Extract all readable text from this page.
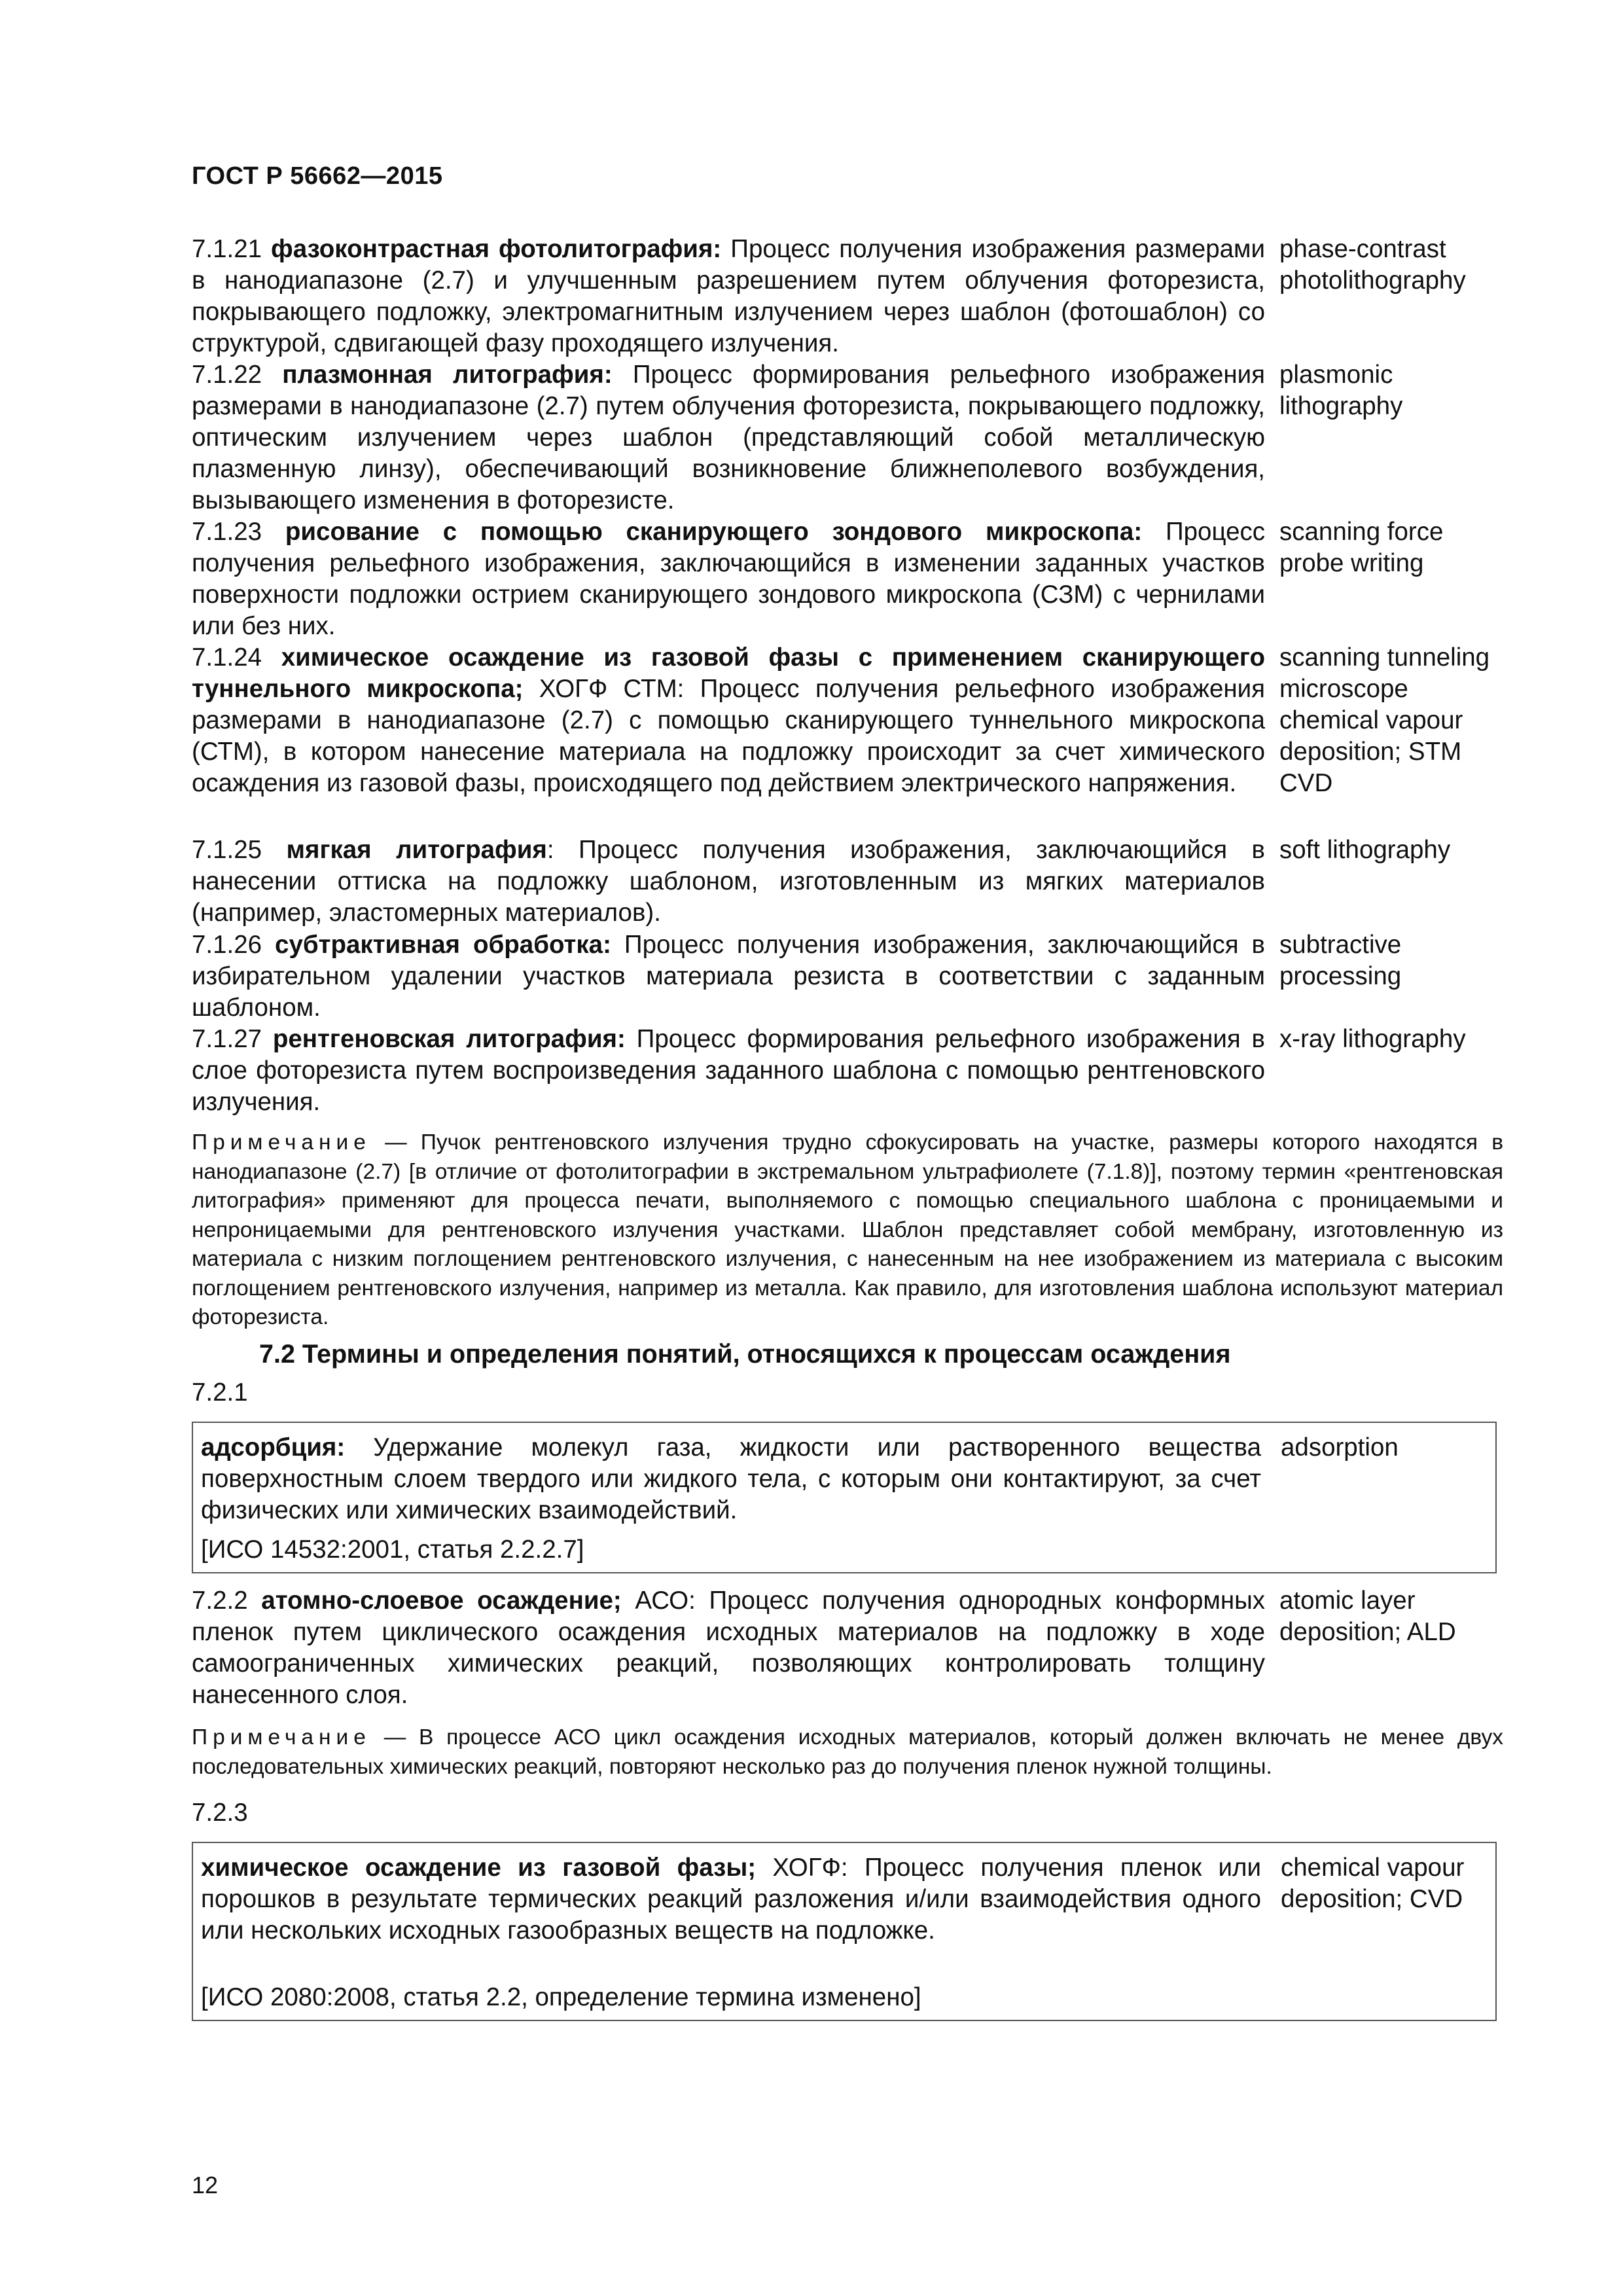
ГОСТ Р 56662—2015
7.1.21 фазоконтрастная фотолитография: Процесс получения изображения размерами в нанодиапазоне (2.7) и улучшенным разрешением путем облучения фоторезиста, покрывающего подложку, электромагнитным излучением через шаблон (фотошаблон) со структурой, сдвигающей фазу проходящего излучения.
phase-contrast photolithography
7.1.22 плазмонная литография: Процесс формирования рельефного изображения размерами в нанодиапазоне (2.7) путем облучения фоторезиста, покрывающего подложку, оптическим излучением через шаблон (представляющий собой металлическую плазменную линзу), обеспечивающий возникновение ближнеполевого возбуждения, вызывающего изменения в фоторезисте.
plasmonic lithography
7.1.23 рисование с помощью сканирующего зондового микроскопа: Процесс получения рельефного изображения, заключающийся в изменении заданных участков поверхности подложки острием сканирующего зондового микроскопа (СЗМ) с чернилами или без них.
scanning force probe writing
7.1.24 химическое осаждение из газовой фазы с применением сканирующего туннельного микроскопа; ХОГФ СТМ: Процесс получения рельефного изображения размерами в нанодиапазоне (2.7) с помощью сканирующего туннельного микроскопа (СТМ), в котором нанесение материала на подложку происходит за счет химического осаждения из газовой фазы, происходящего под действием электрического напряжения.
scanning tunneling microscope chemical vapour deposition; STM CVD
7.1.25 мягкая литография: Процесс получения изображения, заключающийся в нанесении оттиска на подложку шаблоном, изготовленным из мягких материалов (например, эластомерных материалов).
soft lithography
7.1.26 субтрактивная обработка: Процесс получения изображения, заключающийся в избирательном удалении участков материала резиста в соответствии с заданным шаблоном.
subtractive processing
7.1.27 рентгеновская литография: Процесс формирования рельефного изображения в слое фоторезиста путем воспроизведения заданного шаблона с помощью рентгеновского излучения.
x-ray lithography
Примечание — Пучок рентгеновского излучения трудно сфокусировать на участке, размеры которого находятся в нанодиапазоне (2.7) [в отличие от фотолитографии в экстремальном ультрафиолете (7.1.8)], поэтому термин «рентгеновская литография» применяют для процесса печати, выполняемого с помощью специального шаблона с проницаемыми и непроницаемыми для рентгеновского излучения участками. Шаблон представляет собой мембрану, изготовленную из материала с низким поглощением рентгеновского излучения, с нанесенным на нее изображением из материала с высоким поглощением рентгеновского излучения, например из металла. Как правило, для изготовления шаблона используют материал фоторезиста.
7.2 Термины и определения понятий, относящихся к процессам осаждения
7.2.1
адсорбция: Удержание молекул газа, жидкости или растворенного вещества поверхностным слоем твердого или жидкого тела, с которым они контактируют, за счет физических или химических взаимодействий.
adsorption
[ИСО 14532:2001, статья 2.2.2.7]
7.2.2 атомно-слоевое осаждение; АСО: Процесс получения однородных конформных пленок путем циклического осаждения исходных материалов на подложку в ходе самоограниченных химических реакций, позволяющих контролировать толщину нанесенного слоя.
atomic layer deposition; ALD
Примечание — В процессе АСО цикл осаждения исходных материалов, который должен включать не менее двух последовательных химических реакций, повторяют несколько раз до получения пленок нужной толщины.
7.2.3
химическое осаждение из газовой фазы; ХОГФ: Процесс получения пленок или порошков в результате термических реакций разложения и/или взаимодействия одного или нескольких исходных газообразных веществ на подложке.
chemical vapour deposition; CVD
[ИСО 2080:2008, статья 2.2, определение термина изменено]
12
